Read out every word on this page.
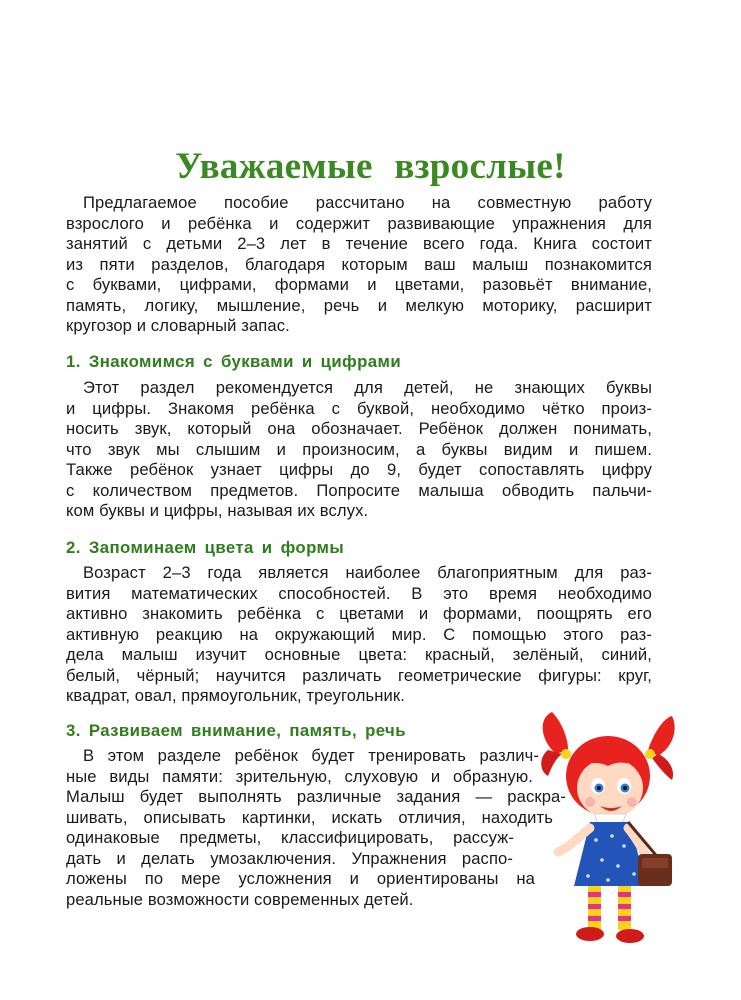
Уважаемые взрослые!

Предлагаемое пособие рассчитано на совместную работу
взрослого и ребёнка и содержит развивающие упражнения для
занятий с детьми 2–3 лет в течение всего года. Книга состоит
из пяти разделов, благодаря которым ваш малыш познакомится
с буквами, цифрами, формами и цветами, разовьёт внимание,
память, логику, мышление, речь и мелкую моторику, расширит
кругозор и словарный запас.

1. Знакомимся с буквами и цифрами

Этот раздел рекомендуется для детей, не знающих буквы
и цифры. Знакомя ребёнка с буквой, необходимо чётко произ-
носить звук, который она обозначает. Ребёнок должен понимать,
что звук мы слышим и произносим, а буквы видим и пишем.
Также ребёнок узнает цифры до 9, будет сопоставлять цифру
с количеством предметов. Попросите малыша обводить пальчи-
ком буквы и цифры, называя их вслух.

2. Запоминаем цвета и формы

Возраст 2–3 года является наиболее благоприятным для раз-
вития математических способностей. В это время необходимо
активно знакомить ребёнка с цветами и формами, поощрять его
активную реакцию на окружающий мир. С помощью этого раз-
дела малыш изучит основные цвета: красный, зелёный, синий,
белый, чёрный; научится различать геометрические фигуры: круг,
квадрат, овал, прямоугольник, треугольник.

3. Развиваем внимание, память, речь

В этом разделе ребёнок будет тренировать различ-
ные виды памяти: зрительную, слуховую и образную.
Малыш будет выполнять различные задания — раскра-
шивать, описывать картинки, искать отличия, находить
одинаковые предметы, классифицировать, рассуж-
дать и делать умозаключения. Упражнения распо-
ложены по мере усложнения и ориентированы на
реальные возможности современных детей.
